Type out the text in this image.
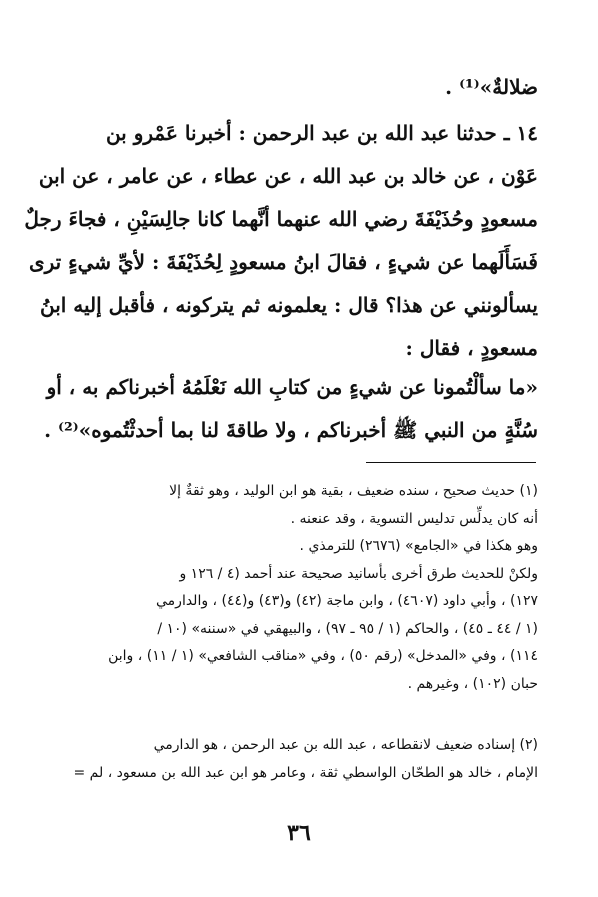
ضلالةٌ»⁽¹⁾ .
١٤ ـ حدثنا عبد الله بن عبد الرحمن : أخبرنا عَمْرو بن
عَوْن ، عن خالد بن عبد الله ، عن عطاء ، عن عامر ، عن ابن
مسعودٍ وحُذَيْفَةَ رضي الله عنهما أنَّهما كانا جالِسَيْنِ ، فجاءَ رجلٌ
فَسَأَلَهما عن شيءٍ ، فقالَ ابنُ مسعودٍ لِحُذَيْفَةَ : لأيِّ شيءٍ ترى
يسألونني عن هذا؟ قال : يعلمونه ثم يتركونه ، فأقبل إليه ابنُ
مسعودٍ ، فقال :
«ما سألْتُمونا عن شيءٍ من كتابِ الله نَعْلَمُهُ أخبرناكم به ، أو
سُنَّةٍ من النبي ﷺ أخبرناكم ، ولا طاقةَ لنا بما أحدثْتُموه»⁽²⁾ .
(١) حديث صحيح ، سنده ضعيف ، بقية هو ابن الوليد ، وهو ثقةٌ إلا
أنه كان يدلِّس تدليس التسوية ، وقد عنعنه .
وهو هكذا في «الجامع» (٢٦٧٦) للترمذي .
ولكنْ للحديث طرق أخرى بأسانيد صحيحة عند أحمد (٤ / ١٢٦ و
١٢٧) ، وأبي داود (٤٦٠٧) ، وابن ماجة (٤٢) و(٤٣) و(٤٤) ، والدارمي
(١ / ٤٤ ـ ٤٥) ، والحاكم (١ / ٩٥ ـ ٩٧) ، والبيهقي في «سننه» (١٠ /
١١٤) ، وفي «المدخل» (رقم ٥٠) ، وفي «مناقب الشافعي» (١ / ١١) ، وابن
حبان (١٠٢) ، وغيرهم .
(٢) إسناده ضعيف لانقطاعه ، عبد الله بن عبد الرحمن ، هو الدارمي
الإمام ، خالد هو الطحّان الواسطي ثقة ، وعامر هو ابن عبد الله بن مسعود ، لم =
٣٦
